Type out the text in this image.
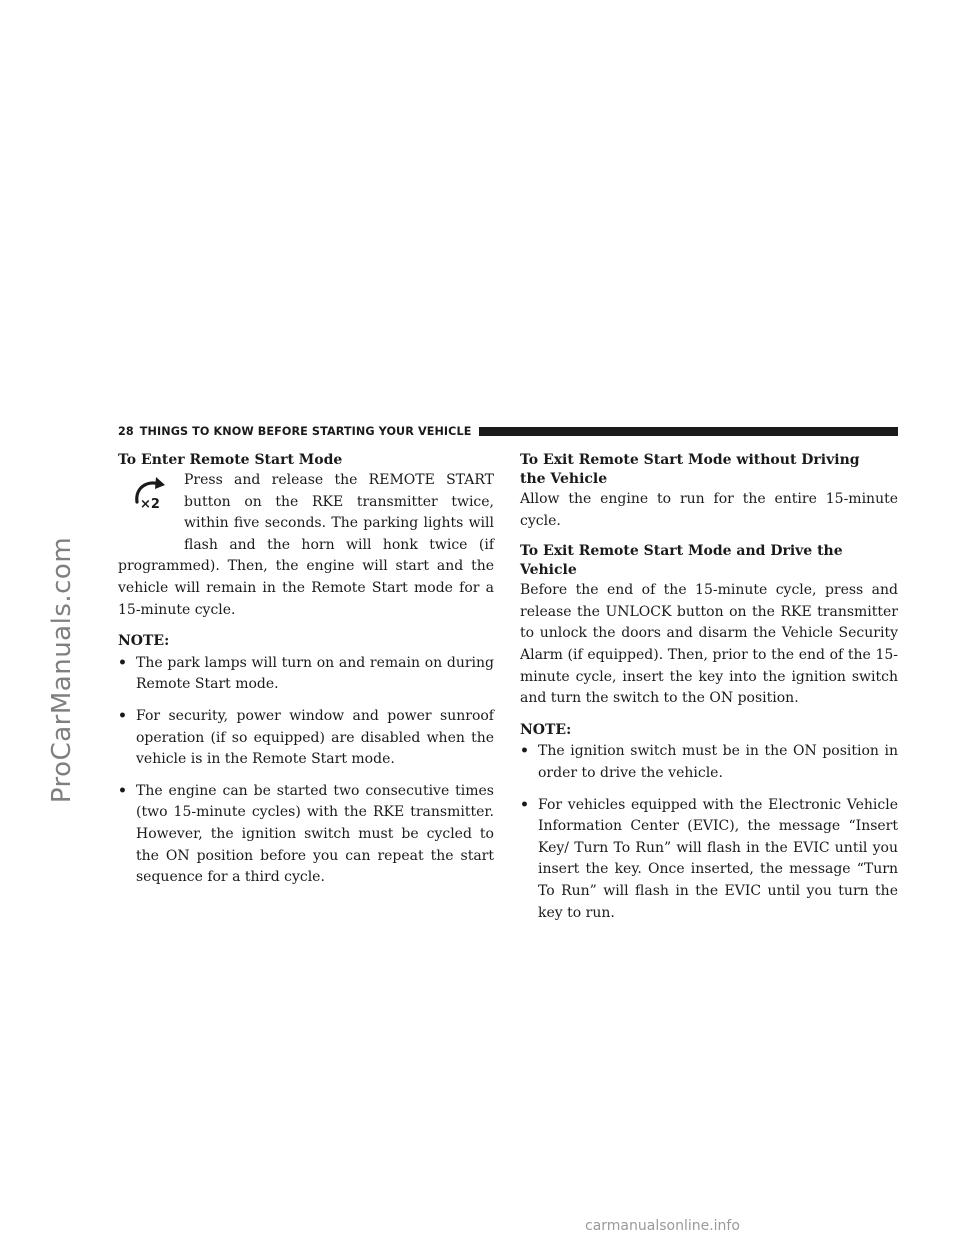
ProCarManuals.com
28 THINGS TO KNOW BEFORE STARTING YOUR VEHICLE
To Enter Remote Start Mode
×2

Press and release the REMOTE START button on the RKE transmitter twice, within five seconds. The parking lights will flash and the horn will honk twice (if programmed). Then, the engine will start and the vehicle will remain in the Remote Start mode for a 15-minute cycle.

NOTE:

• The park lamps will turn on and remain on during Remote Start mode.
• For security, power window and power sunroof operation (if so equipped) are disabled when the vehicle is in the Remote Start mode.
• The engine can be started two consecutive times (two 15-minute cycles) with the RKE transmitter. However, the ignition switch must be cycled to the ON position before you can repeat the start sequence for a third cycle.
To Exit Remote Start Mode without Driving the Vehicle

Allow the engine to run for the entire 15-minute cycle.

To Exit Remote Start Mode and Drive the Vehicle

Before the end of the 15-minute cycle, press and release the UNLOCK button on the RKE transmitter to unlock the doors and disarm the Vehicle Security Alarm (if equipped). Then, prior to the end of the 15-minute cycle, insert the key into the ignition switch and turn the switch to the ON position.

NOTE:

• The ignition switch must be in the ON position in order to drive the vehicle.
• For vehicles equipped with the Electronic Vehicle Information Center (EVIC), the message “Insert Key/ Turn To Run” will flash in the EVIC until you insert the key. Once inserted, the message “Turn To Run” will flash in the EVIC until you turn the key to run.
carmanualsonline.info
